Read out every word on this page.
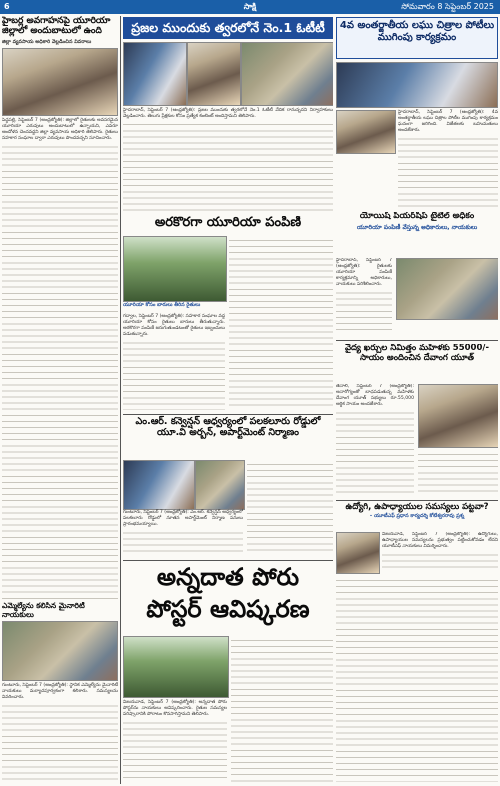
6	సాక్షి	సోమవారం 8 సెప్టెంబర్ 2025
హైబర్ల అవగాహనపై యూరియా జిల్లాలో అందుబాటులో ఉంది
జిల్లా వ్యవసాయ అధికారి వెల్లడించిన వివరాలు

పెద్దపల్లి, సెప్టెంబర్ 7 (ఆంధ్రజ్యోతి): జిల్లాలో రైతులకు అవసరమైన యూరియా ఎరువులు అందుబాటులో ఉన్నాయని, ఎవరూ ఆందోళన చెందవద్దని జిల్లా వ్యవసాయ అధికారి తెలిపారు. రైతులు సహకార సంఘాల ద్వారా ఎరువులు పొందవచ్చని సూచించారు.

ఎమ్మెల్యేను కలిసిన మైనారిటీ నాయకులు

గుంటూరు, సెప్టెంబర్ 7 (ఆంధ్రజ్యోతి): స్థానిక ఎమ్మెల్యేను మైనారిటీ నాయకులు మర్యాదపూర్వకంగా కలిశారు. సమస్యలను వివరించారు.

ప్రజల ముందుకు త్వరలోనే నెం.1 ఓటీటీ

హైదరాబాద్, సెప్టెంబర్ 7 (ఆంధ్రజ్యోతి): ప్రజల ముందుకు త్వరలోనే నెం.1 ఓటీటీ వేదిక రానున్నదని నిర్వాహకులు వెల్లడించారు. తెలుగు ప్రేక్షకుల కోసం ప్రత్యేక కంటెంట్ అందిస్తామని తెలిపారు.

4వ అంతర్జాతీయ లఘు చిత్రాల పోటీలు ముగింపు కార్యక్రమం

హైదరాబాద్, సెప్టెంబర్ 7 (ఆంధ్రజ్యోతి): 4వ అంతర్జాతీయ లఘు చిత్రాల పోటీల ముగింపు కార్యక్రమం ఘనంగా జరిగింది. విజేతలకు బహుమతులు అందజేశారు.

అరకొరగా యూరియా పంపిణీ
యూరియా కోసం బారులు తీరిన రైతులు

గద్వాల, సెప్టెంబర్ 7 (ఆంధ్రజ్యోతి): సహకార సంఘాల వద్ద యూరియా కోసం రైతులు బారులు తీరుతున్నారు. అరకొరగా పంపిణీ జరుగుతుండటంతో రైతులు ఇబ్బందులు పడుతున్నారు.

యోయిష్ పీయర్‌షిప్ టైటిల్ అధికం
యూరియా పంపిణీ వేస్తున్న అధికారులు, నాయకులు

హైదరాబాద్, సెప్టెంబర్ 7 (ఆంధ్రజ్యోతి): రైతులకు యూరియా పంపిణీ కార్యక్రమాన్ని అధికారులు, నాయకులు పరిశీలించారు.

వైద్య ఖర్చుల నిమిత్తం మహిళకు 55000/- సాయం అందించిన దేవాంగ యూత్

తెనాలి, సెప్టెంబర్ 7 (ఆంధ్రజ్యోతి): అనారోగ్యంతో బాధపడుతున్న మహిళకు దేవాంగ యూత్ సభ్యులు రూ.55,000 ఆర్థిక సాయం అందజేశారు.

ఎం.ఆర్. కన్వెన్షన్ ఆధ్వర్యంలో పలకలూరు రోడ్డులో యూ.వి అర్బన్, అపార్ట్‌మెంట్ నిర్మాణం

గుంటూరు, సెప్టెంబర్ 7 (ఆంధ్రజ్యోతి): ఎం.ఆర్. కన్వెన్షన్ ఆధ్వర్యంలో పలకలూరు రోడ్డులో నూతన అపార్ట్‌మెంట్ నిర్మాణ పనులు ప్రారంభమయ్యాయి.

ఉద్యోగి, ఉపాధ్యాయుల సమస్యలు పట్టవా?
– యూటీఎఫ్ ప్రధాన కార్యదర్శి కోటేశ్వరరావు ప్రశ్న

విజయవాడ, సెప్టెంబర్ 7 (ఆంధ్రజ్యోతి): ఉద్యోగులు, ఉపాధ్యాయుల సమస్యలను ప్రభుత్వం పట్టించుకోవడం లేదని యూటీఎఫ్ నాయకులు విమర్శించారు.

అన్నదాత పోరు
పోస్టర్ ఆవిష్కరణ

విజయవాడ, సెప్టెంబర్ 7 (ఆంధ్రజ్యోతి): అన్నదాత పోరు పోస్టర్‌ను నాయకులు ఆవిష్కరించారు. రైతుల సమస్యల పరిష్కారానికి పోరాటం కొనసాగిస్తామని తెలిపారు.
